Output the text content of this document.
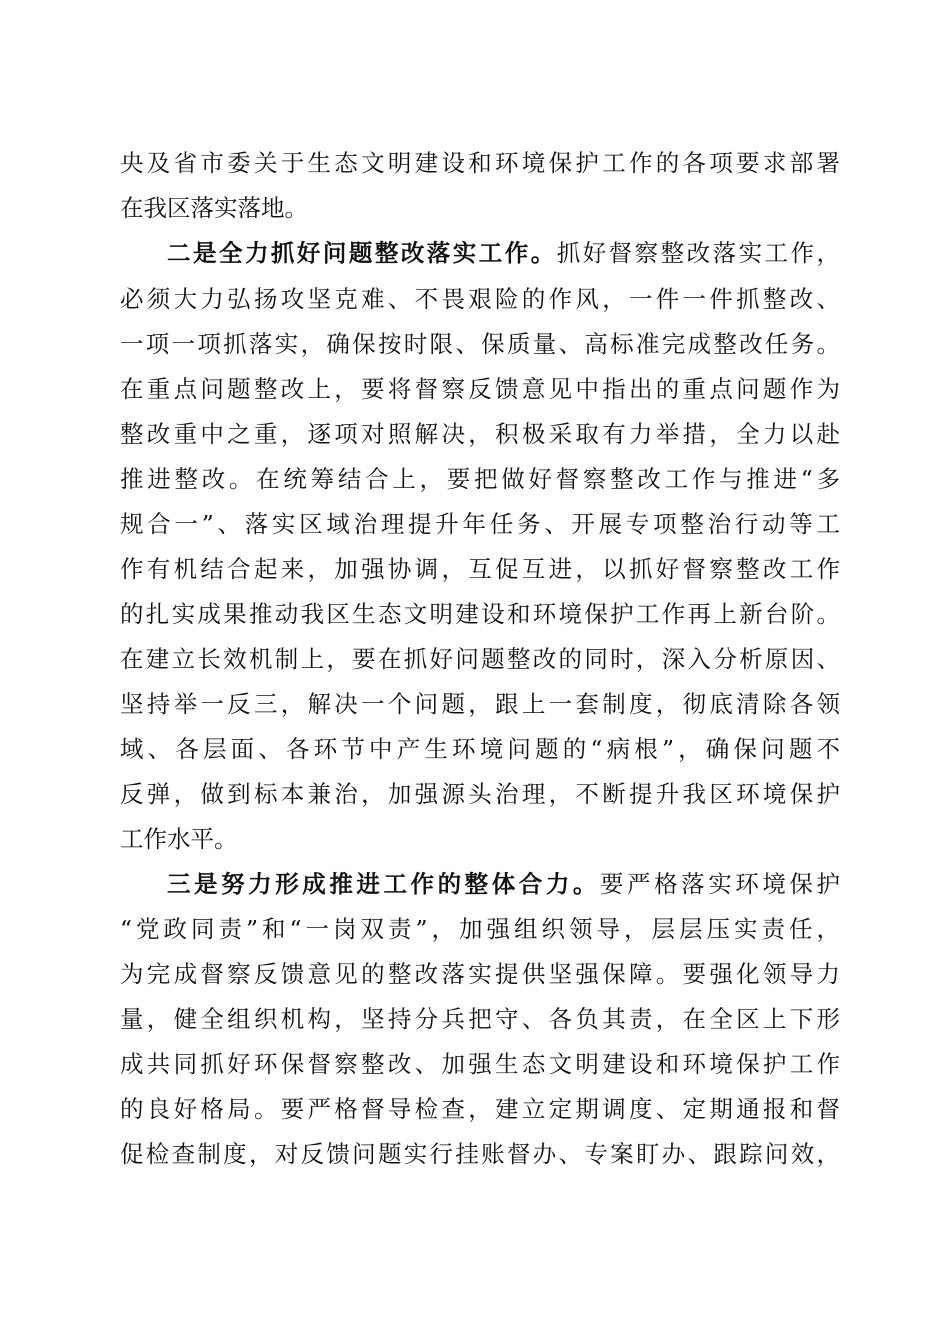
央及省市委关于生态文明建设和环境保护工作的各项要求部署
在我区落实落地。
二是全力抓好问题整改落实工作。抓好督察整改落实工作，
必须大力弘扬攻坚克难、不畏艰险的作风，一件一件抓整改、
一项一项抓落实，确保按时限、保质量、高标准完成整改任务。
在重点问题整改上，要将督察反馈意见中指出的重点问题作为
整改重中之重，逐项对照解决，积极采取有力举措，全力以赴
推进整改。在统筹结合上，要把做好督察整改工作与推进“多
规合一”、落实区域治理提升年任务、开展专项整治行动等工
作有机结合起来，加强协调，互促互进，以抓好督察整改工作
的扎实成果推动我区生态文明建设和环境保护工作再上新台阶。
在建立长效机制上，要在抓好问题整改的同时，深入分析原因、
坚持举一反三，解决一个问题，跟上一套制度，彻底清除各领
域、各层面、各环节中产生环境问题的“病根”，确保问题不
反弹，做到标本兼治，加强源头治理，不断提升我区环境保护
工作水平。
三是努力形成推进工作的整体合力。要严格落实环境保护
“党政同责”和“一岗双责”，加强组织领导，层层压实责任，
为完成督察反馈意见的整改落实提供坚强保障。要强化领导力
量，健全组织机构，坚持分兵把守、各负其责，在全区上下形
成共同抓好环保督察整改、加强生态文明建设和环境保护工作
的良好格局。要严格督导检查，建立定期调度、定期通报和督
促检查制度，对反馈问题实行挂账督办、专案盯办、跟踪问效，
